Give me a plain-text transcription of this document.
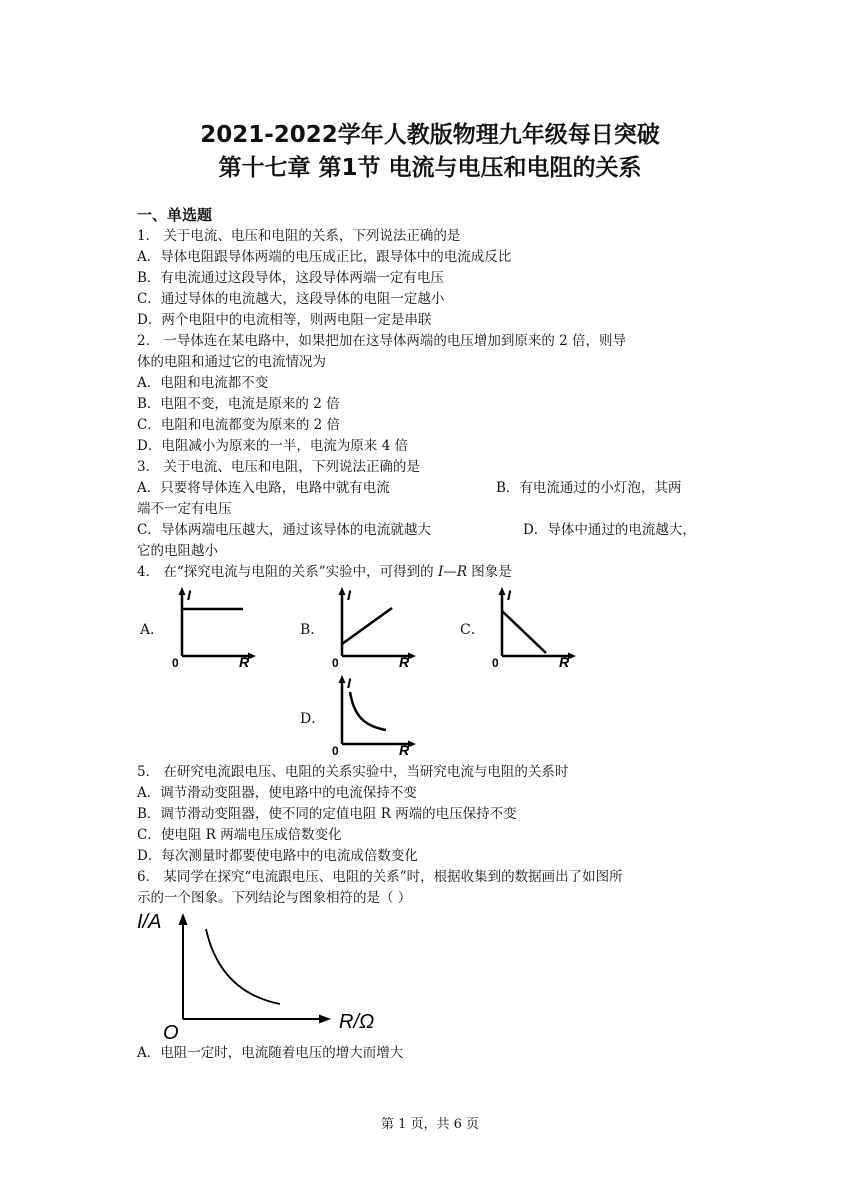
2021-2022学年人教版物理九年级每日突破
第十七章 第1节 电流与电压和电阻的关系
一、单选题
1． 关于电流、电压和电阻的关系，下列说法正确的是
A．导体电阻跟导体两端的电压成正比，跟导体中的电流成反比
B．有电流通过这段导体，这段导体两端一定有电压
C．通过导体的电流越大，这段导体的电阻一定越小
D．两个电阻中的电流相等，则两电阻一定是串联
2． 一导体连在某电路中，如果把加在这导体两端的电压增加到原来的 2 倍，则导
体的电阻和通过它的电流情况为
A．电阻和电流都不变
B．电阻不变，电流是原来的 2 倍
C．电阻和电流都变为原来的 2 倍
D．电阻减小为原来的一半，电流为原来 4 倍
3． 关于电流、电压和电阻，下列说法正确的是
A．只要将导体连入电路，电路中就有电流	B．有电流通过的小灯泡，其两
端不一定有电压
C．导体两端电压越大，通过该导体的电流就越大	D．导体中通过的电流越大，
它的电阻越小
4． 在“探究电流与电阻的关系”实验中，可得到的 I—R 图象是
A．
I
R
0
B．
I
R
0
C．
I
R
0
D．
I
R
0
5． 在研究电流跟电压、电阻的关系实验中，当研究电流与电阻的关系时
A．调节滑动变阻器，使电路中的电流保持不变
B．调节滑动变阻器，使不同的定值电阻 R 两端的电压保持不变
C．使电阻 R 两端电压成倍数变化
D．每次测量时都要使电路中的电流成倍数变化
6． 某同学在探究“电流跟电压、电阻的关系”时，根据收集到的数据画出了如图所
示的一个图象。下列结论与图象相符的是（ ）
I/A
R/Ω
O
A．电阻一定时，电流随着电压的增大而增大
第 1 页，共 6 页
